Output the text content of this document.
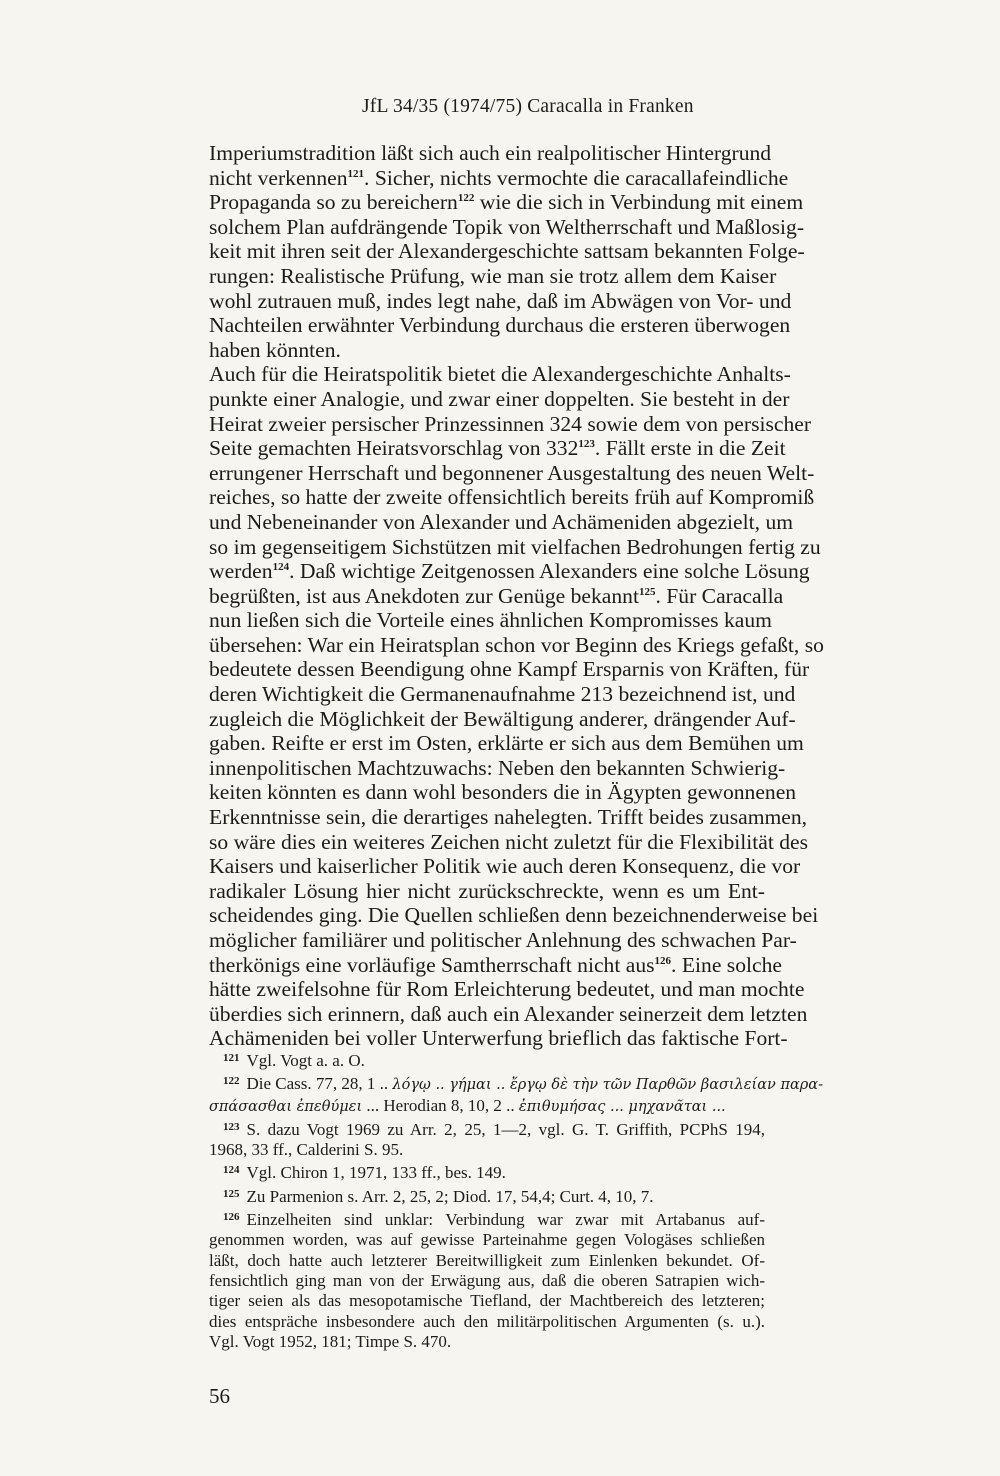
JfL 34/35 (1974/75) Caracalla in Franken
Imperiumstradition läßt sich auch ein realpolitischer Hintergrund
nicht verkennen$^{121}$. Sicher, nichts vermochte die caracallafeindliche
Propaganda so zu bereichern$^{122}$ wie die sich in Verbindung mit einem
solchem Plan aufdrängende Topik von Weltherrschaft und Maßlosig-
keit mit ihren seit der Alexandergeschichte sattsam bekannten Folge-
rungen: Realistische Prüfung, wie man sie trotz allem dem Kaiser
wohl zutrauen muß, indes legt nahe, daß im Abwägen von Vor- und
Nachteilen erwähnter Verbindung durchaus die ersteren überwogen
haben könnten.
Auch für die Heiratspolitik bietet die Alexandergeschichte Anhalts-
punkte einer Analogie, und zwar einer doppelten. Sie besteht in der
Heirat zweier persischer Prinzessinnen 324 sowie dem von persischer
Seite gemachten Heiratsvorschlag von $332^{123}$. Fällt erste in die Zeit
errungener Herrschaft und begonnener Ausgestaltung des neuen Welt-
reiches, so hatte der zweite offensichtlich bereits früh auf Kompromiß
und Nebeneinander von Alexander und Achämeniden abgezielt, um
so im gegenseitigem Sichstützen mit vielfachen Bedrohungen fertig zu
werden$^{124}$. Daß wichtige Zeitgenossen Alexanders eine solche Lösung
begrüßten, ist aus Anekdoten zur Genüge bekannt$^{125}$. Für Caracalla
nun ließen sich die Vorteile eines ähnlichen Kompromisses kaum
übersehen: War ein Heiratsplan schon vor Beginn des Kriegs gefaßt, so
bedeutete dessen Beendigung ohne Kampf Ersparnis von Kräften, für
deren Wichtigkeit die Germanenaufnahme 213 bezeichnend ist, und
zugleich die Möglichkeit der Bewältigung anderer, drängender Auf-
gaben. Reifte er erst im Osten, erklärte er sich aus dem Bemühen um
innenpolitischen Machtzuwachs: Neben den bekannten Schwierig-
keiten könnten es dann wohl besonders die in Ägypten gewonnenen
Erkenntnisse sein, die derartiges nahelegten. Trifft beides zusammen,
so wäre dies ein weiteres Zeichen nicht zuletzt für die Flexibilität des
Kaisers und kaiserlicher Politik wie auch deren Konsequenz, die vor
radikaler Lösung hier nicht zurückschreckte, wenn es um Ent-
scheidendes ging. Die Quellen schließen denn bezeichnenderweise bei
möglicher familiärer und politischer Anlehnung des schwachen Par-
therkönigs eine vorläufige Samtherrschaft nicht aus$^{126}$. Eine solche
hätte zweifelsohne für Rom Erleichterung bedeutet, und man mochte
überdies sich erinnern, daß auch ein Alexander seinerzeit dem letzten
Achämeniden bei voller Unterwerfung brieflich das faktische Fort-
$^{121}$ Vgl. Vogt a. a. O.
$^{122}$ Die Cass. 77, 28, 1 .. λόγῳ .. γήμαι .. ἔργῳ δὲ τὴν τῶν Παρθῶν βασιλείαν παρα-
σπάσασθαι ἐπεθύμει ... Herodian 8, 10, 2 .. ἐπιθυμήσας ... μηχανᾶται ...
$^{123}$ S. dazu Vogt 1969 zu Arr. 2, 25, 1—2, vgl. G. T. Griffith, PCPhS 194,
1968, 33 ff., Calderini S. 95.
$^{124}$ Vgl. Chiron 1, 1971, 133 ff., bes. 149.
$^{125}$ Zu Parmenion s. Arr. 2, 25, 2; Diod. 17, 54,4; Curt. 4, 10, 7.
$^{126}$ Einzelheiten sind unklar: Verbindung war zwar mit Artabanus auf-
genommen worden, was auf gewisse Parteinahme gegen Vologäses schließen
läßt, doch hatte auch letzterer Bereitwilligkeit zum Einlenken bekundet. Of-
fensichtlich ging man von der Erwägung aus, daß die oberen Satrapien wich-
tiger seien als das mesopotamische Tiefland, der Machtbereich des letzteren;
dies entspräche insbesondere auch den militärpolitischen Argumenten (s. u.).
Vgl. Vogt 1952, 181; Timpe S. 470.
56
